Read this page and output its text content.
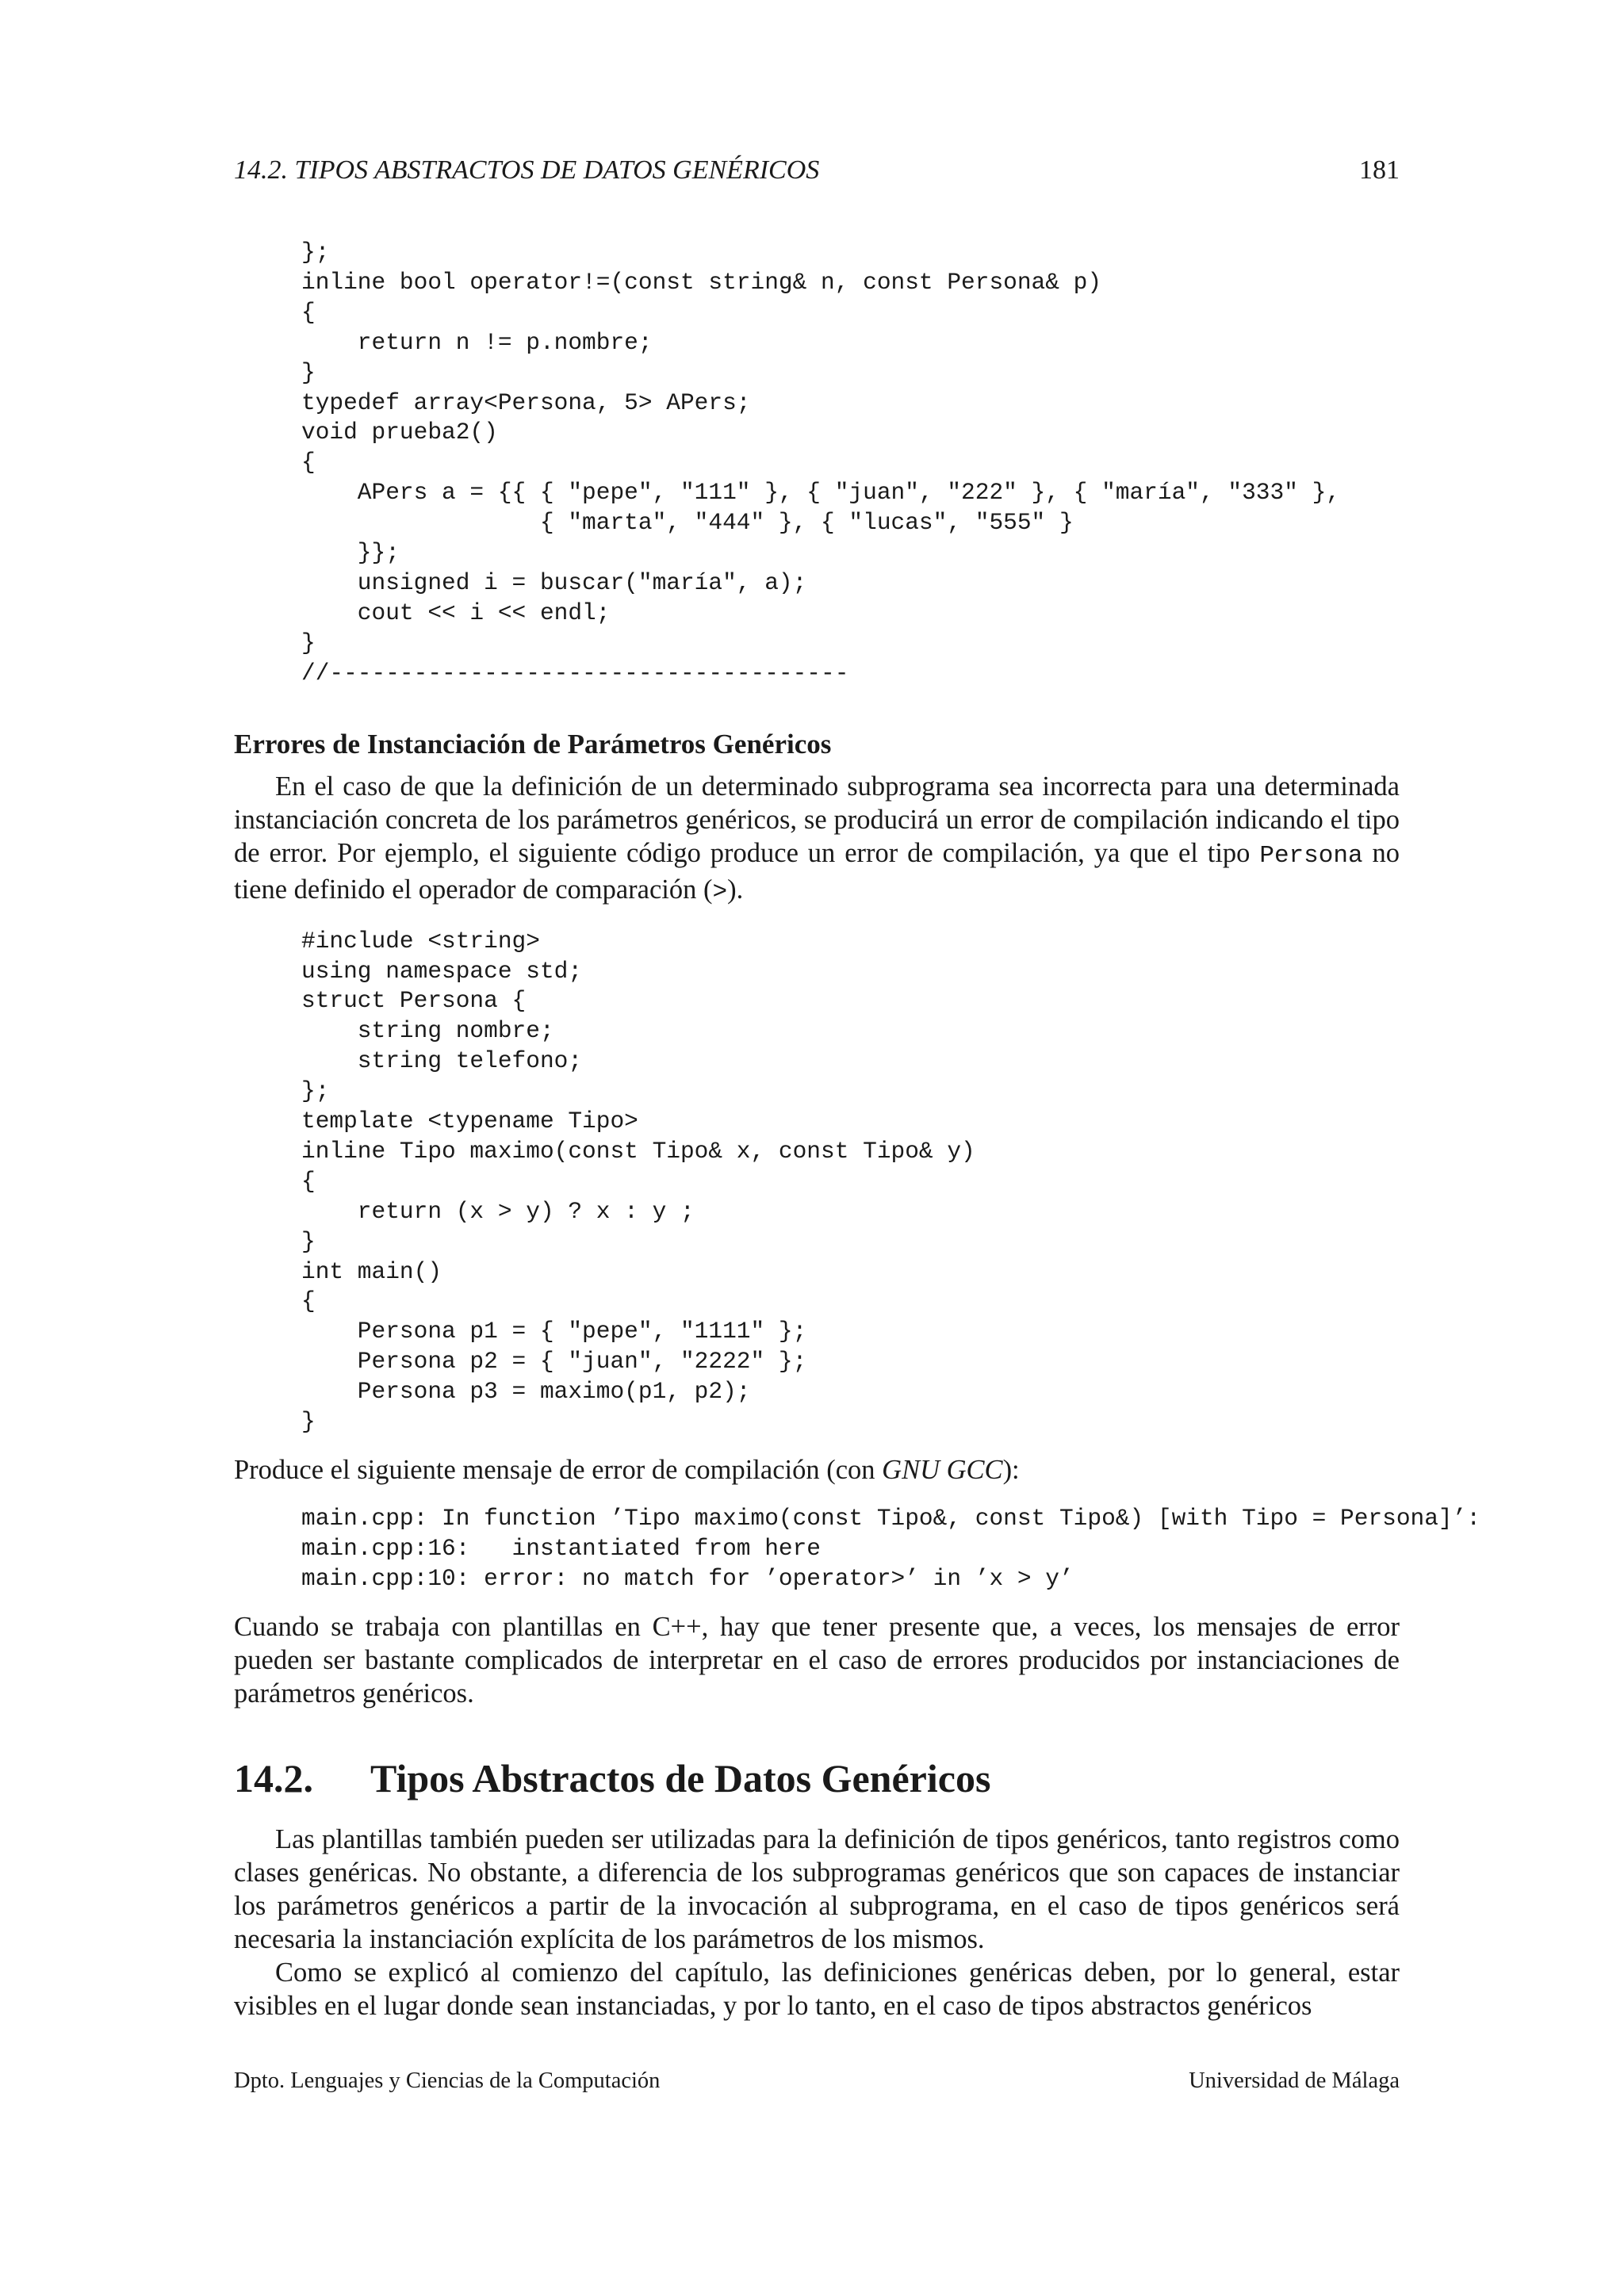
14.2. TIPOS ABSTRACTOS DE DATOS GENÉRICOS	181
};
inline bool operator!=(const string& n, const Persona& p)
{
return n != p.nombre;
}
typedef array<Persona, 5> APers;
void prueba2()
{
APers a = {{ { "pepe", "111" }, { "juan", "222" }, { "maría", "333" },
{ "marta", "444" }, { "lucas", "555" }
}};
unsigned i = buscar("maría", a);
cout << i << endl;
}
//-------------------------------------
Errores de Instanciación de Parámetros Genéricos

En el caso de que la definición de un determinado subprograma sea incorrecta para una determinada instanciación concreta de los parámetros genéricos, se producirá un error de compilación indicando el tipo de error. Por ejemplo, el siguiente código produce un error de compilación, ya que el tipo Persona no tiene definido el operador de comparación (>).

#include <string>
using namespace std;
struct Persona {
string nombre;
string telefono;
};
template <typename Tipo>
inline Tipo maximo(const Tipo& x, const Tipo& y)
{
return (x > y) ? x : y ;
}
int main()
{
Persona p1 = { "pepe", "1111" };
Persona p2 = { "juan", "2222" };
Persona p3 = maximo(p1, p2);
}

Produce el siguiente mensaje de error de compilación (con GNU GCC):

main.cpp: In function ’Tipo maximo(const Tipo&, const Tipo&) [with Tipo = Persona]’:
main.cpp:16:   instantiated from here
main.cpp:10: error: no match for ’operator>’ in ’x > y’

Cuando se trabaja con plantillas en C++, hay que tener presente que, a veces, los mensajes de error pueden ser bastante complicados de interpretar en el caso de errores producidos por instanciaciones de parámetros genéricos.

14.2.	Tipos Abstractos de Datos Genéricos

Las plantillas también pueden ser utilizadas para la definición de tipos genéricos, tanto registros como clases genéricas. No obstante, a diferencia de los subprogramas genéricos que son capaces de instanciar los parámetros genéricos a partir de la invocación al subprograma, en el caso de tipos genéricos será necesaria la instanciación explícita de los parámetros de los mismos.

Como se explicó al comienzo del capítulo, las definiciones genéricas deben, por lo general, estar visibles en el lugar donde sean instanciadas, y por lo tanto, en el caso de tipos abstractos genéricos

Dpto. Lenguajes y Ciencias de la Computación	Universidad de Málaga
